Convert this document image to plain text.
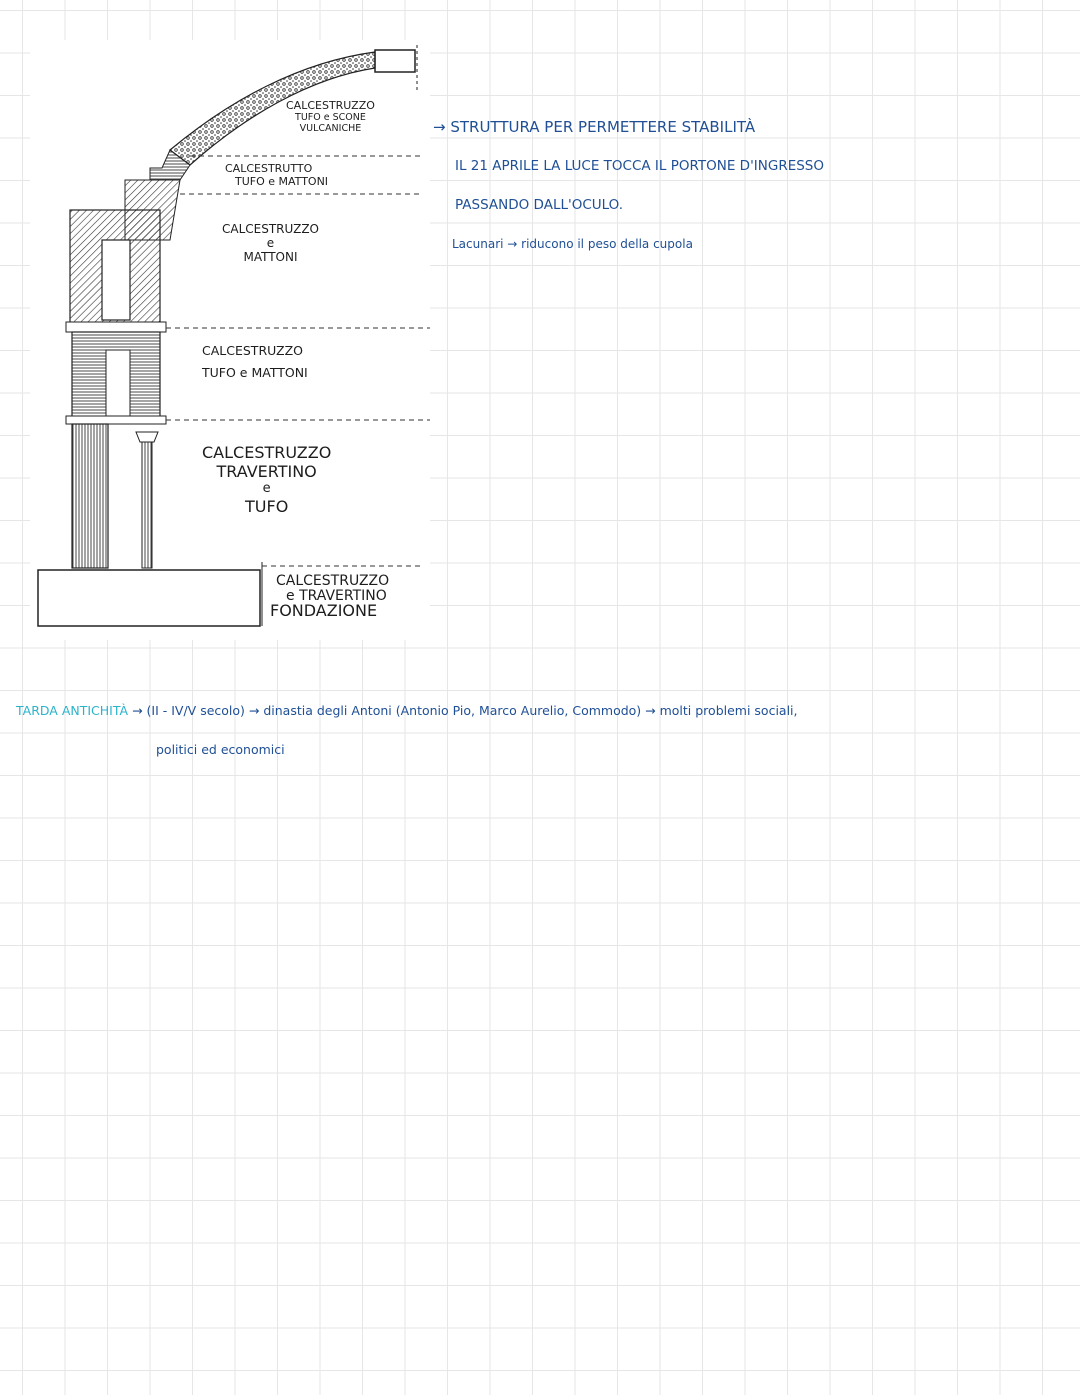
CALCESTRUZZO
TUFO e SCONE
VULCANICHE
CALCESTRUTTO
TUFO e MATTONI
CALCESTRUZZO
e
MATTONI
CALCESTRUZZO
TUFO e MATTONI
CALCESTRUZZO
TRAVERTINO
e
TUFO
CALCESTRUZZO
e TRAVERTINO
FONDAZIONE
→ STRUTTURA PER PERMETTERE STABILITÀ
IL 21 APRILE LA LUCE TOCCA IL PORTONE D'INGRESSO
PASSANDO DALL'OCULO.
Lacunari → riducono il peso della cupola
TARDA ANTICHITÀ → (II - IV/V secolo) → dinastia degli Antoni (Antonio Pio, Marco Aurelio, Commodo) → molti problemi sociali,
politici ed economici
